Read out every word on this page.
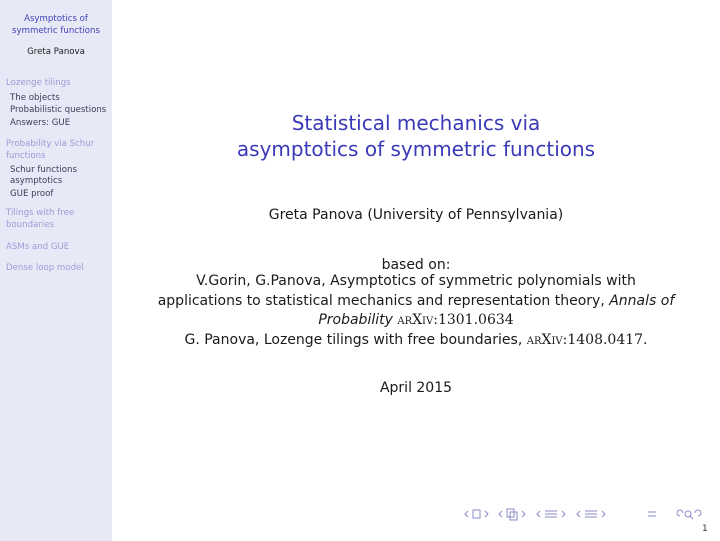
Asymptotics of
symmetric functions
Greta Panova
Lozenge tilings
The objects
Probabilistic questions
Answers: GUE
Probability via Schur
functions
Schur functions
asymptotics
GUE proof
Tilings with free
boundaries
ASMs and GUE
Dense loop model
Statistical mechanics via
asymptotics of symmetric functions
Greta Panova (University of Pennsylvania)
based on:
V.Gorin, G.Panova, Asymptotics of symmetric polynomials with
applications to statistical mechanics and representation theory, Annals of
Probability arXiv:1301.0634
G. Panova, Lozenge tilings with free boundaries, arXiv:1408.0417.
April 2015
1
